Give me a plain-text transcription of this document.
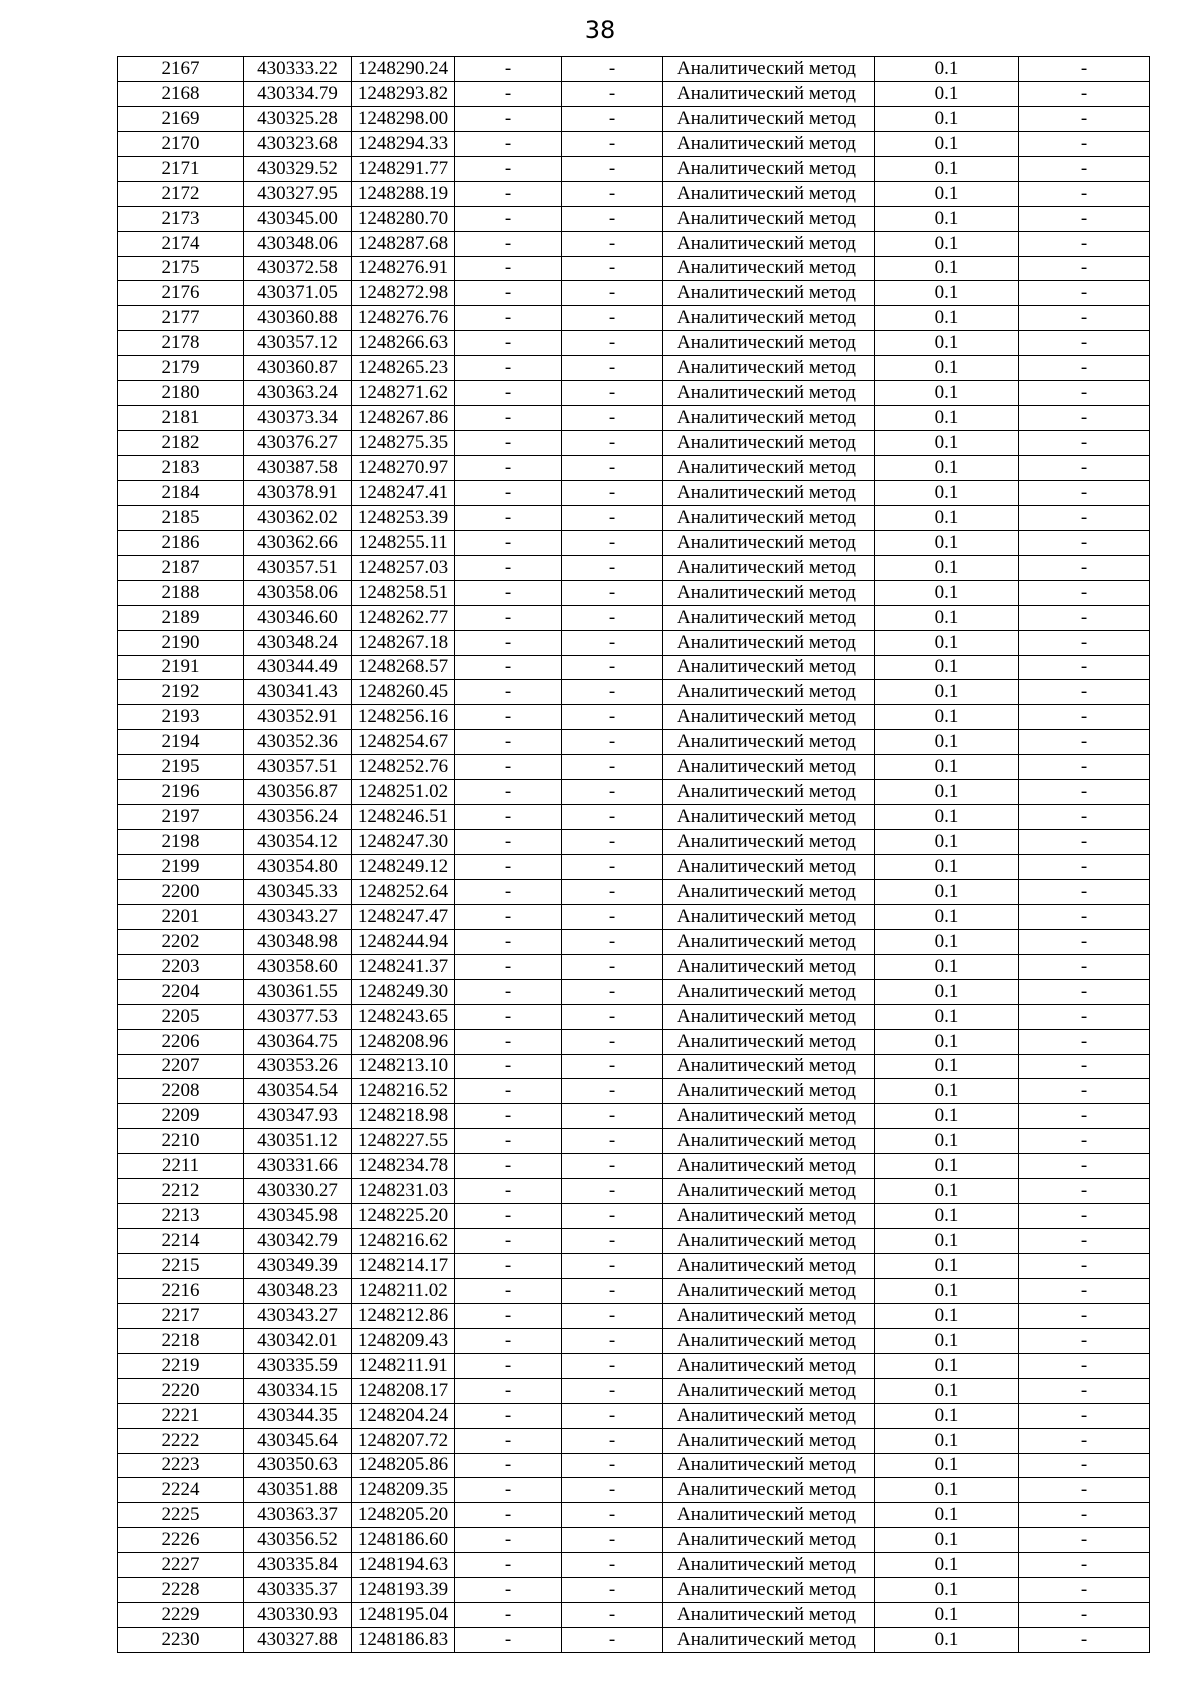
38
2167	430333.22	1248290.24	-	-	Аналитический метод	0.1	-
2168	430334.79	1248293.82	-	-	Аналитический метод	0.1	-
2169	430325.28	1248298.00	-	-	Аналитический метод	0.1	-
2170	430323.68	1248294.33	-	-	Аналитический метод	0.1	-
2171	430329.52	1248291.77	-	-	Аналитический метод	0.1	-
2172	430327.95	1248288.19	-	-	Аналитический метод	0.1	-
2173	430345.00	1248280.70	-	-	Аналитический метод	0.1	-
2174	430348.06	1248287.68	-	-	Аналитический метод	0.1	-
2175	430372.58	1248276.91	-	-	Аналитический метод	0.1	-
2176	430371.05	1248272.98	-	-	Аналитический метод	0.1	-
2177	430360.88	1248276.76	-	-	Аналитический метод	0.1	-
2178	430357.12	1248266.63	-	-	Аналитический метод	0.1	-
2179	430360.87	1248265.23	-	-	Аналитический метод	0.1	-
2180	430363.24	1248271.62	-	-	Аналитический метод	0.1	-
2181	430373.34	1248267.86	-	-	Аналитический метод	0.1	-
2182	430376.27	1248275.35	-	-	Аналитический метод	0.1	-
2183	430387.58	1248270.97	-	-	Аналитический метод	0.1	-
2184	430378.91	1248247.41	-	-	Аналитический метод	0.1	-
2185	430362.02	1248253.39	-	-	Аналитический метод	0.1	-
2186	430362.66	1248255.11	-	-	Аналитический метод	0.1	-
2187	430357.51	1248257.03	-	-	Аналитический метод	0.1	-
2188	430358.06	1248258.51	-	-	Аналитический метод	0.1	-
2189	430346.60	1248262.77	-	-	Аналитический метод	0.1	-
2190	430348.24	1248267.18	-	-	Аналитический метод	0.1	-
2191	430344.49	1248268.57	-	-	Аналитический метод	0.1	-
2192	430341.43	1248260.45	-	-	Аналитический метод	0.1	-
2193	430352.91	1248256.16	-	-	Аналитический метод	0.1	-
2194	430352.36	1248254.67	-	-	Аналитический метод	0.1	-
2195	430357.51	1248252.76	-	-	Аналитический метод	0.1	-
2196	430356.87	1248251.02	-	-	Аналитический метод	0.1	-
2197	430356.24	1248246.51	-	-	Аналитический метод	0.1	-
2198	430354.12	1248247.30	-	-	Аналитический метод	0.1	-
2199	430354.80	1248249.12	-	-	Аналитический метод	0.1	-
2200	430345.33	1248252.64	-	-	Аналитический метод	0.1	-
2201	430343.27	1248247.47	-	-	Аналитический метод	0.1	-
2202	430348.98	1248244.94	-	-	Аналитический метод	0.1	-
2203	430358.60	1248241.37	-	-	Аналитический метод	0.1	-
2204	430361.55	1248249.30	-	-	Аналитический метод	0.1	-
2205	430377.53	1248243.65	-	-	Аналитический метод	0.1	-
2206	430364.75	1248208.96	-	-	Аналитический метод	0.1	-
2207	430353.26	1248213.10	-	-	Аналитический метод	0.1	-
2208	430354.54	1248216.52	-	-	Аналитический метод	0.1	-
2209	430347.93	1248218.98	-	-	Аналитический метод	0.1	-
2210	430351.12	1248227.55	-	-	Аналитический метод	0.1	-
2211	430331.66	1248234.78	-	-	Аналитический метод	0.1	-
2212	430330.27	1248231.03	-	-	Аналитический метод	0.1	-
2213	430345.98	1248225.20	-	-	Аналитический метод	0.1	-
2214	430342.79	1248216.62	-	-	Аналитический метод	0.1	-
2215	430349.39	1248214.17	-	-	Аналитический метод	0.1	-
2216	430348.23	1248211.02	-	-	Аналитический метод	0.1	-
2217	430343.27	1248212.86	-	-	Аналитический метод	0.1	-
2218	430342.01	1248209.43	-	-	Аналитический метод	0.1	-
2219	430335.59	1248211.91	-	-	Аналитический метод	0.1	-
2220	430334.15	1248208.17	-	-	Аналитический метод	0.1	-
2221	430344.35	1248204.24	-	-	Аналитический метод	0.1	-
2222	430345.64	1248207.72	-	-	Аналитический метод	0.1	-
2223	430350.63	1248205.86	-	-	Аналитический метод	0.1	-
2224	430351.88	1248209.35	-	-	Аналитический метод	0.1	-
2225	430363.37	1248205.20	-	-	Аналитический метод	0.1	-
2226	430356.52	1248186.60	-	-	Аналитический метод	0.1	-
2227	430335.84	1248194.63	-	-	Аналитический метод	0.1	-
2228	430335.37	1248193.39	-	-	Аналитический метод	0.1	-
2229	430330.93	1248195.04	-	-	Аналитический метод	0.1	-
2230	430327.88	1248186.83	-	-	Аналитический метод	0.1	-
